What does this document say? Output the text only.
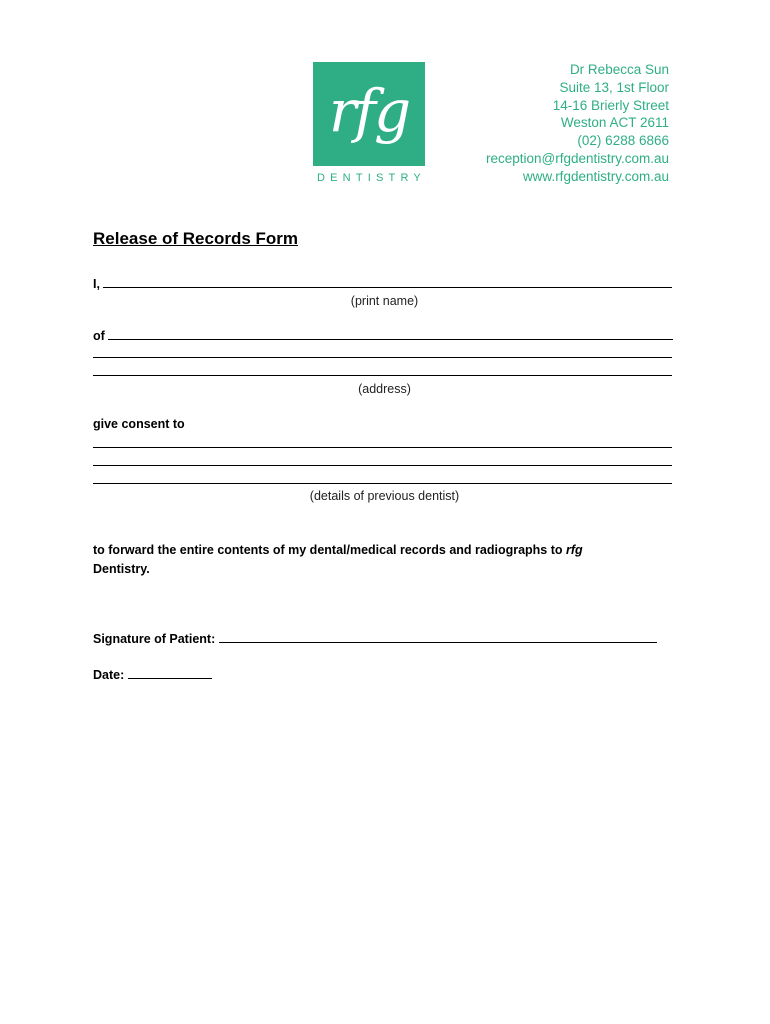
rfg
DENTISTRY
Dr Rebecca Sun
Suite 13, 1st Floor
14-16 Brierly Street
Weston ACT 2611
(02) 6288 6866
reception@rfgdentistry.com.au
www.rfgdentistry.com.au
Release of Records Form
I,
(print name)
of
(address)
give consent to
(details of previous dentist)
to forward the entire contents of my dental/medical records and radiographs to rfg
Dentistry.
Signature of Patient:
Date:
